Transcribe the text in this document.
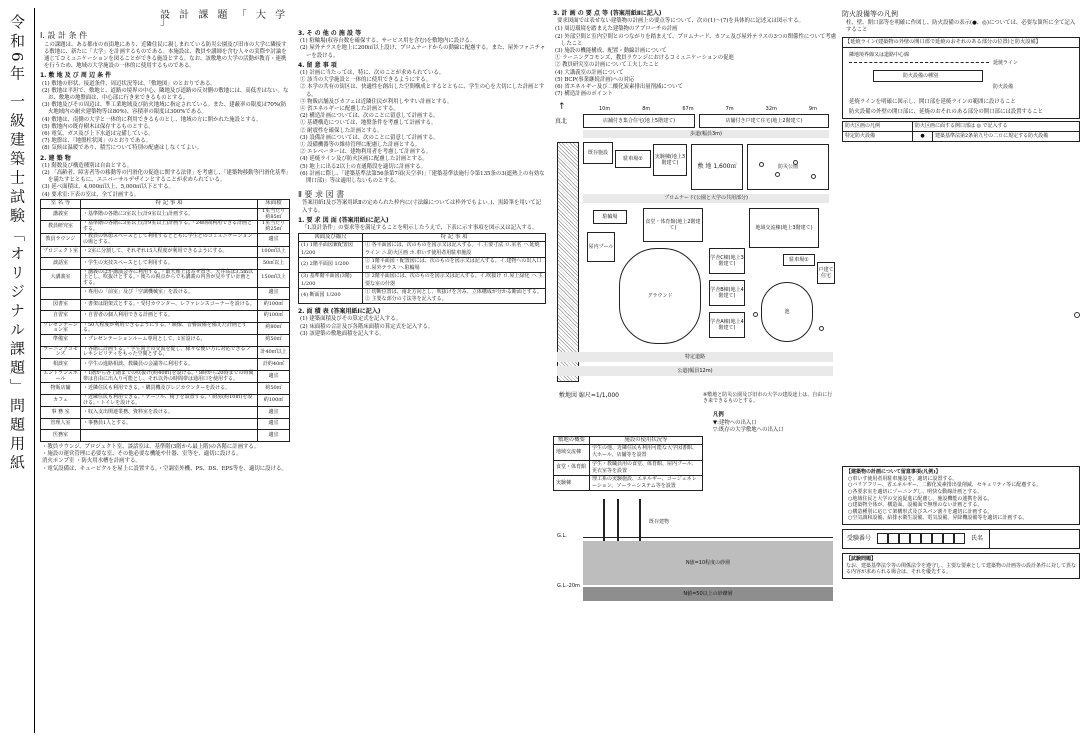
令和6年 一級建築士試験「オリジナル課題」問題用紙	設 計 課 題 「 大 学 」
Ⅰ. 設 計 条 件
この課題は、ある都市の市街地にあり、近隣住民に親しまれている防災公園及び旧市の大学に隣接する敷地に、新たに「大学」を計画するものである。本施設は、教員や講師を含む人々の実際や討論を通じてコミュニケーションを図ることができる施設とする。なお、該敷地の大学の活動が教育・連携を行うため、地域の大学施設の一体的に使用するものである。
1. 敷 地 及 び 周 辺 条 件
(1) 敷地の形状、接道条件、周辺状況等は、「敷地図」のとおりである。
(2) 敷地は平坦で、敷地と、道路の境界の中心、隣地及び道路の反対側の敷地には、高低差はない。なお、敷地の地盤面は、中心部に行き来できるものとする。
(3) 敷地及びその周辺は、準工業地域及び防火地域に指定されている。また、建蔽率の限度は70%(防火地域内の耐火建築物等は80%)、容積率の限度は300%である。
(4) 敷地は、南側の大学と一体的に利用できるものとし、地域の方に開かれた施設とする。
(5) 敷地内の既存樹木は保存するものとする。
(6) 電気、ガス及び上下水道は完備している。
(7) 地盤は、「地盤柱状図」のとおりである。
(8) 気候は温暖であり、積雪について特別の配慮はしなくてよい。
2. 建 築 物
(1) 階数及び構造種別は自由とする。
(2) 「高齢者、障害者等の移動等の円滑化の促進に関する法律」を考慮し、「建築物移動等円滑化基準」を満たすとともに、ユニバーサルデザインとすることが求められている。
(3) 延べ面積は、4,000㎡以上、5,000㎡以下とする。
(4) 要求室:下表の室は、全て計画する。
室 名 等	特 記 事 項	床面積
講義室	・基準階の各階に3室以上(計9室以上)計画する。	1室当たり約85㎡
教員研究室	・基準階の各階に3室以上(計9室以上)計画する。・24時間利用できる計画とする。	1室当たり約25㎡
教員ラウンジ	・教員の休憩スペースとして利用するとともに学生とのコミュニケーションの場とする。	適宜
プロジェクト室	・2室に分割して、それぞれ15人程度が利用できるようにする。	100㎡以上
談話室	・学生の実技スペースとして利用する。	50㎡以上
大講義室	・講義のほか講演会等に利用する。・最大席上は寄せ置き、天井高は3.5m以上とし、吹抜けとする。・後ろの視点からでも講義の内容が見やすい計画とする。	150㎡以上
	・専用の「前室」及び「空調機械室」を設ける。	適宜
図書室	・書架は閉架式とする。・受付カウンター、レファレンスコーナーを設ける。	約100㎡
自習室	・自習者の個人利用できる計画とする。	約100㎡
プレゼンテーション室	・50人程度が利用できるようにする。・映像、音響設備を備えた計画とする。	約80㎡
準備室	・プレゼンテーションルーム専用として、1室設ける。	約50㎡
ラーニングコモンズ	・各階に計画する。・学生同士の交流を促し、様々な使い方に対応できるフレキシビリティをもった空間とする。	計40㎡以上
相談室	・学生の進路相談、教職員の会議等に利用する。	計約40㎡
エントランスホール	・1階から各上階までの吹抜け(約40㎡)を設ける。・8時から20時までの時間帯は自由に出入り可能とし、それ以外の時間帯は通用口を使用する。	適宜
物販店舗	・近隣住民も利用できる。・購買機及びレジカウンターを設ける。	約50㎡
カフェ	・近隣住民も利用できる。・テーブル、椅子を設置する。・厨房(約10㎡)を設ける。・トイレを設ける。	約100㎡
事 務 室	・収入支出関連業務、資料室を設ける。	適宜
管理人室	・事務員1人とする。	適宜
医務室		適宜
・教員ラウンジ、プロジェクト室、談話室は、基準階(3階から最上階)の各階に計画する。
・施設の運営管理に必要な室、その他必要な機能や什器、室等を、適切に設ける。
消火ポンプ室 ・防火用水槽を計画する。
・電気設備は、キュービクルを屋上に設置する。・空調室外機、PS、DS、EPS等を、適切に設ける。
3. そ の 他 の 施 設 等
(1) 駐輪場(収容台数を確保する、サービス用を含む)を敷地内に設ける。
(2) 屋外テラスを地上に200㎡以上設け、プロムナードからの動線に配慮する。また、屋外ファニチャーを設ける。
4. 留 意 事 項
(1) 計画に当たっては、特に、次のことが求められている。
① 該当の大学施設と一体的に使用できるようにする。
② 本学の共有の街区は、快適性を創出した空間構成とするとともに、学生の心を大切にした計画とする。
③ 物販店舗及びカフェは近隣住民が利用しやすい計画とする。
④ 省エネルギーに配慮した計画とする。
(2) 構造計画については、次のことに留意して計画する。
① 基礎構造については、地盤条件を考慮して計画する。
② 耐震性を確保した計画とする。
(3) 設備計画については、次のことに留意して計画する。
① 設備機器等の維持管理に配慮した計画とする。
② エレベーターは、建物利用者を考慮して計画する。
(4) 延焼ライン及び防火区画に配慮した計画とする。
(5) 地上に出る2以上の直通階段を適切に計画する。
(6) 計画に際し、「建築基準法第56条第7項(天空率)」「建築基準法施行令第135条の3(遮熱上の有効な開口部)」等は適用しないものとする。
Ⅱ 要 求 図 書
答案用紙Ⅰ及び答案用紙Ⅱの定められた枠内に(寸法線については枠外でもよい。)、黒鉛筆を用いて記入する。
1. 要 求 図 面 (答案用紙Ⅰに記入)
「Ⅰ.設計条件」の要求等を満足することを明示したうえで、下表に示す事項を図示又は記入する。
図面及び縮尺	特 記 事 項
(1) 1階平面図兼配置図 1/200	① 各平面図には、次のものを図示又は記入する。イ.主要寸法 ロ.室名 ハ.延焼ライン ニ.防火区画 ホ.車いす使用者用駐車施設
(2) 2階平面図 1/200	② 1階平面図・配置図には、次のものを図示又は記入する。イ.建物への出入口 ロ.屋外テラス ハ.駐輪場
(3) 基準階平面図(3階) 1/200	③ 2階平面図には、次のものを図示又は記入する。イ.吹抜け ロ.屋上緑化 ハ.主要な室の什器
(4) 断面図 1/200	① 切断位置は、南北方向とし、吹抜けを含み、立体構成が分かる断面とする。② 主要な部分の寸法等を記入する。
2. 面 積 表 (答案用紙Ⅰに記入)
(1) 建築面積及びその算定式を記入する。
(2) 床面積の合計及び各階床面積の算定式を記入する。
(3) 該建築の敷地面積を記入する。
3. 計 画 の 要 点 等 (答案用紙Ⅱに記入)
要求図面では表せない建築物の計画上の要点等について、次の(1)〜(7)を具体的に記述又は図示する。
(1) 周辺環境を踏まえた建築物のアプローチの計画
(2) 外部空間と室内空間とのつながりを踏まえて、プロムナード、カフェ及び屋外テラスの3つの関係性について考慮したこと
(3) 施設の機能構成、配置・動線計画について
① ラーニングコモンズ、教員ラウンジにおけるコミュニケーションの促進
② 教員研究室の計画について工夫したこと
(4) 大講義室の計画について
(5) BCP(事業継続計画)への対応
(6) 省エネルギー及び二酸化炭素排出量削減について
(7) 構造計画のポイント
真北
↑	10m	8m	67m	7m	32m	9m
店舗付き集合住宅(地上5階建て)	店舗付き戸建て住宅(地上2階建て)
歩道(幅員3m)
既存施設
駐車場②	実験棟(地上3階建て)	敷 地 1,600㎡	防災公園
プロムナード(公園と大学の共用部分)
食堂・体育館(地上2階建て)
屋内プール
グラウンド
学舎C棟(地上3階建て)
学舎B棟(地上4階建て)
学舎A棟(地上4階建て)
地域交流棟(地上3階建て)
駐車場①
池
戸建て住宅
駐輪場
特定道路
公道(幅員12m)
敷地図 縮尺=1/1,000	※敷地と防災公園及び旧市の大学の建設途上は、自由に行き来できるものとする。
凡例
▼:建物への出入口
▽:既存の大学敷地への出入口
敷地の概要	施設の使用状況等
地域交流棟	学生の他、近隣住民も利用可能な大学図書館、大ホール、店舗等を設置
食堂・体育館	学生・教職員用の食堂、体育館、屋内プール、更衣室等を設置
実験棟	理工系の実験施設、エネルギー、コージェネレーション、ソーラーシステム等を設置
G.L.
N値=10程度の砂層
G.L.-20m
N値=50以上の砂礫層
既存建物
防火設備等の凡例
柱、壁、開口部等を明確に作図し、防火設備の表示(●、◎)については、必要な箇所に全て記入すること
【延焼ライン(建築物の外壁の開口部で延焼のおそれのある部分の位置)と防火設備】
隣地境界線又は道路中心線
延焼ライン
防火設備の種別
防火設備
延焼ラインを明確に図示し、開口部を延焼ラインの範囲に設けること
防火設備の外壁の開口部に、延焼のおそれのある部分の開口部には設置すること
防火区画の凡例	防火区画に面する開口部は ◎ で記入する	
特定防火設備	●	建築基準法第2条第九号の二ロに規定する防火設備
【建築物の計画について留意事項(凡例)】
○車いす使用者用駐車施設を、適切に設置する。
○バリアフリー、省エネルギー、二酸化炭素排出量削減、セキュリティ等に配慮する。
○各要求室を適切にゾーニングし、明快な動線計画とする。
○地域住民と大学の交流促進に配慮し、施設機能の連携を図る。
○建築物全体が、構造面、設備面で無理のない計画とする。
○構造種別に応じて架構形式及びスパン割りを適切に計画する。
○空気調和設備、給排水衛生設備、電気設備、昇降機設備等を適切に計画する。
受験番号	氏名
【試験問題】
なお、建築基準法令等の関係法令を遵守し、主要な要素として建築物の計画等の設計条件に対して異なる内容が求められる場合は、それを優先する。
